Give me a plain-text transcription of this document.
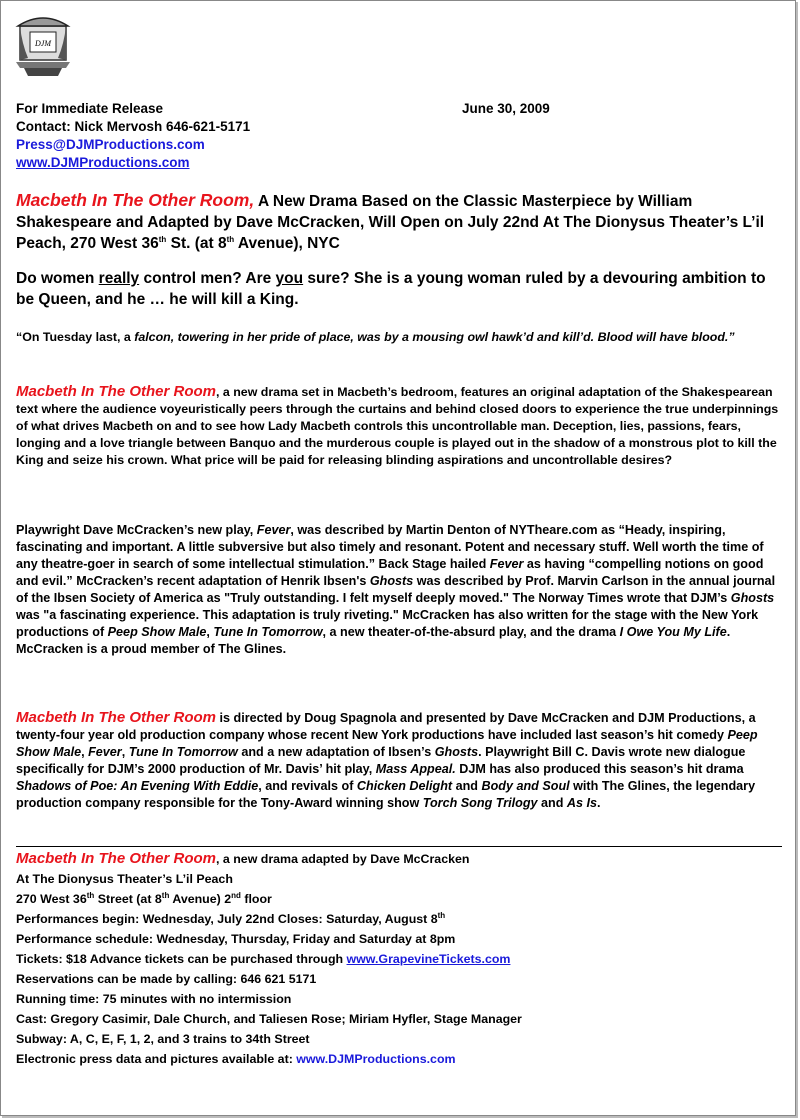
DJM
For Immediate Release	June 30, 2009
Contact: Nick Mervosh 646-621-5171
Press@DJMProductions.com
www.DJMProductions.com
Macbeth In The Other Room, A New Drama Based on the Classic Masterpiece by William Shakespeare and Adapted by Dave McCracken, Will Open on July 22nd At The Dionysus Theater’s L’il Peach, 270 West 36th St. (at 8th Avenue), NYC
Do women really control men? Are you sure? She is a young woman ruled by a devouring ambition to be Queen, and he … he will kill a King.
“On Tuesday last, a falcon, towering in her pride of place, was by a mousing owl hawk’d and kill’d. Blood will have blood.”
Macbeth In The Other Room, a new drama set in Macbeth’s bedroom, features an original adaptation of the Shakespearean text where the audience voyeuristically peers through the curtains and behind closed doors to experience the true underpinnings of what drives Macbeth on and to see how Lady Macbeth controls this uncontrollable man. Deception, lies, passions, fears, longing and a love triangle between Banquo and the murderous couple is played out in the shadow of a monstrous plot to kill the King and seize his crown. What price will be paid for releasing blinding aspirations and uncontrollable desires?
Playwright Dave McCracken’s new play, Fever, was described by Martin Denton of NYTheare.com as “Heady, inspiring, fascinating and important. A little subversive but also timely and resonant. Potent and necessary stuff. Well worth the time of any theatre-goer in search of some intellectual stimulation.” Back Stage hailed Fever as having “compelling notions on good and evil.” McCracken’s recent adaptation of Henrik Ibsen's Ghosts was described by Prof. Marvin Carlson in the annual journal of the Ibsen Society of America as "Truly outstanding. I felt myself deeply moved." The Norway Times wrote that DJM’s Ghosts was "a fascinating experience. This adaptation is truly riveting." McCracken has also written for the stage with the New York productions of Peep Show Male, Tune In Tomorrow, a new theater-of-the-absurd play, and the drama I Owe You My Life. McCracken is a proud member of The Glines.
Macbeth In The Other Room is directed by Doug Spagnola and presented by Dave McCracken and DJM Productions, a twenty-four year old production company whose recent New York productions have included last season’s hit comedy Peep Show Male, Fever, Tune In Tomorrow and a new adaptation of Ibsen’s Ghosts. Playwright Bill C. Davis wrote new dialogue specifically for DJM’s 2000 production of Mr. Davis’ hit play, Mass Appeal. DJM has also produced this season’s hit drama Shadows of Poe: An Evening With Eddie, and revivals of Chicken Delight and Body and Soul with The Glines, the legendary production company responsible for the Tony-Award winning show Torch Song Trilogy and As Is.
Macbeth In The Other Room, a new drama adapted by Dave McCracken
At The Dionysus Theater’s L’il Peach
270 West 36th Street (at 8th Avenue) 2nd floor
Performances begin: Wednesday, July 22nd Closes: Saturday, August 8th
Performance schedule: Wednesday, Thursday, Friday and Saturday at 8pm
Tickets: $18 Advance tickets can be purchased through www.GrapevineTickets.com
Reservations can be made by calling: 646 621 5171
Running time: 75 minutes with no intermission
Cast: Gregory Casimir, Dale Church, and Taliesen Rose; Miriam Hyfler, Stage Manager
Subway: A, C, E, F, 1, 2, and 3 trains to 34th Street
Electronic press data and pictures available at: www.DJMProductions.com
